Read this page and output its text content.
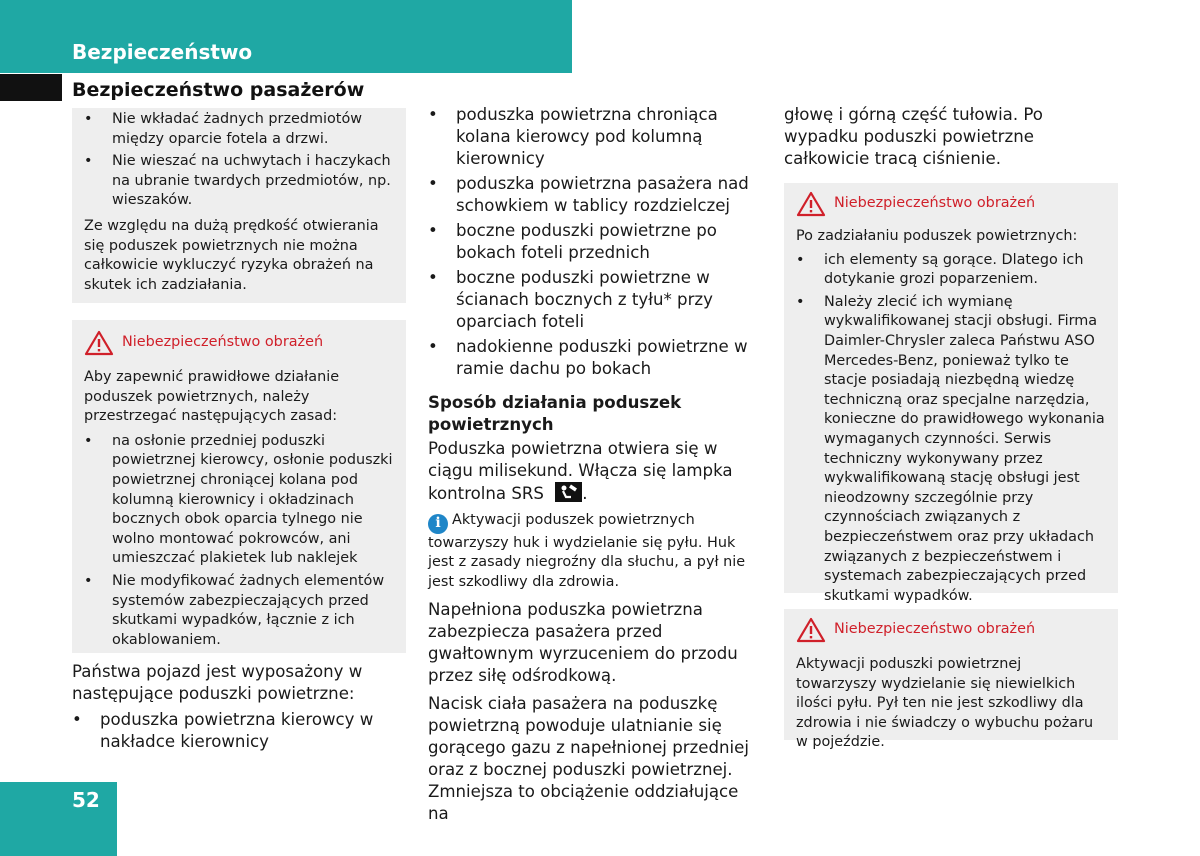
Bezpieczeństwo
Bezpieczeństwo pasażerów
• Nie wkładać żadnych przedmiotów między oparcie fotela a drzwi.
• Nie wieszać na uchwytach i haczykach na ubranie twardych przedmiotów, np. wieszaków.

Ze względu na dużą prędkość otwierania się poduszek powietrznych nie można całkowicie wykluczyć ryzyka obrażeń na skutek ich zadziałania.

Niebezpieczeństwo obrażeń

Aby zapewnić prawidłowe działanie poduszek powietrznych, należy przestrzegać następujących zasad:

• na osłonie przedniej poduszki powietrznej kierowcy, osłonie poduszki powietrznej chroniącej kolana pod kolumną kierownicy i okładzinach bocznych obok oparcia tylnego nie wolno montować pokrowców, ani umieszczać plakietek lub naklejek
• Nie modyfikować żadnych elementów systemów zabezpieczających przed skutkami wypadków, łącznie z ich okablowaniem.

Państwa pojazd jest wyposażony w następujące poduszki powietrzne:

• poduszka powietrzna kierowcy w nakładce kierownicy
• poduszka powietrzna chroniąca kolana kierowcy pod kolumną kierownicy
• poduszka powietrzna pasażera nad schowkiem w tablicy rozdzielczej
• boczne poduszki powietrzne po bokach foteli przednich
• boczne poduszki powietrzne w ścianach bocznych z tyłu* przy oparciach foteli
• nadokienne poduszki powietrzne w ramie dachu po bokach

Sposób działania poduszek powietrznych

Poduszka powietrzna otwiera się w ciągu milisekund. Włącza się lampka kontrolna SRS .

i Aktywacji poduszek powietrznych towarzyszy huk i wydzielanie się pyłu. Huk jest z zasady niegroźny dla słuchu, a pył nie jest szkodliwy dla zdrowia.

Napełniona poduszka powietrzna zabezpiecza pasażera przed gwałtownym wyrzuceniem do przodu przez siłę odśrodkową.

Nacisk ciała pasażera na poduszkę powietrzną powoduje ulatnianie się gorącego gazu z napełnionej przedniej oraz z bocznej poduszki powietrznej. Zmniejsza to obciążenie oddziałujące na

głowę i górną część tułowia. Po wypadku poduszki powietrzne całkowicie tracą ciśnienie.

Niebezpieczeństwo obrażeń

Po zadziałaniu poduszek powietrznych:

• ich elementy są gorące. Dlatego ich dotykanie grozi poparzeniem.
• Należy zlecić ich wymianę wykwalifikowanej stacji obsługi. Firma Daimler-Chrysler zaleca Państwu ASO Mercedes-Benz, ponieważ tylko te stacje posiadają niezbędną wiedzę techniczną oraz specjalne narzędzia, konieczne do prawidłowego wykonania wymaganych czynności. Serwis techniczny wykonywany przez wykwalifikowaną stację obsługi jest nieodzowny szczególnie przy czynnościach związanych z bezpieczeństwem oraz przy układach związanych z bezpieczeństwem i systemach zabezpieczających przed skutkami wypadków.
Niebezpieczeństwo obrażeń

Aktywacji poduszki powietrznej towarzyszy wydzielanie się niewielkich ilości pyłu. Pył ten nie jest szkodliwy dla zdrowia i nie świadczy o wybuchu pożaru w pojeździe.

52
